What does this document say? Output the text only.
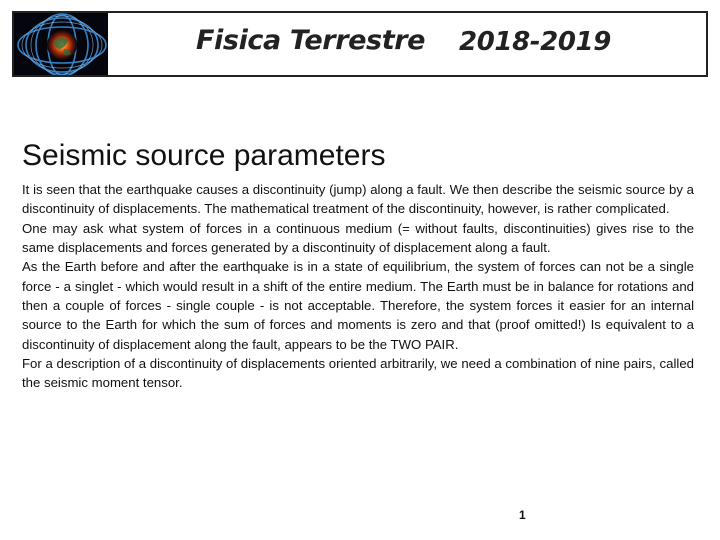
Fisica Terrestre 2018-2019
Seismic source parameters

It is seen that the earthquake causes a discontinuity (jump) along a fault. We then describe the seismic source by a discontinuity of displacements. The mathematical treatment of the discontinuity, however, is rather complicated.

One may ask what system of forces in a continuous medium (= without faults, discontinuities) gives rise to the same displacements and forces generated by a discontinuity of displacement along a fault.

As the Earth before and after the earthquake is in a state of equilibrium, the system of forces can not be a single force - a singlet - which would result in a shift of the entire medium. The Earth must be in balance for rotations and then a couple of forces - single couple - is not acceptable. Therefore, the system forces it easier for an internal source to the Earth for which the sum of forces and moments is zero and that (proof omitted!) Is equivalent to a discontinuity of displacement along the fault, appears to be the TWO PAIR.

For a description of a discontinuity of displacements oriented arbitrarily, we need a combination of nine pairs, called the seismic moment tensor.

1
